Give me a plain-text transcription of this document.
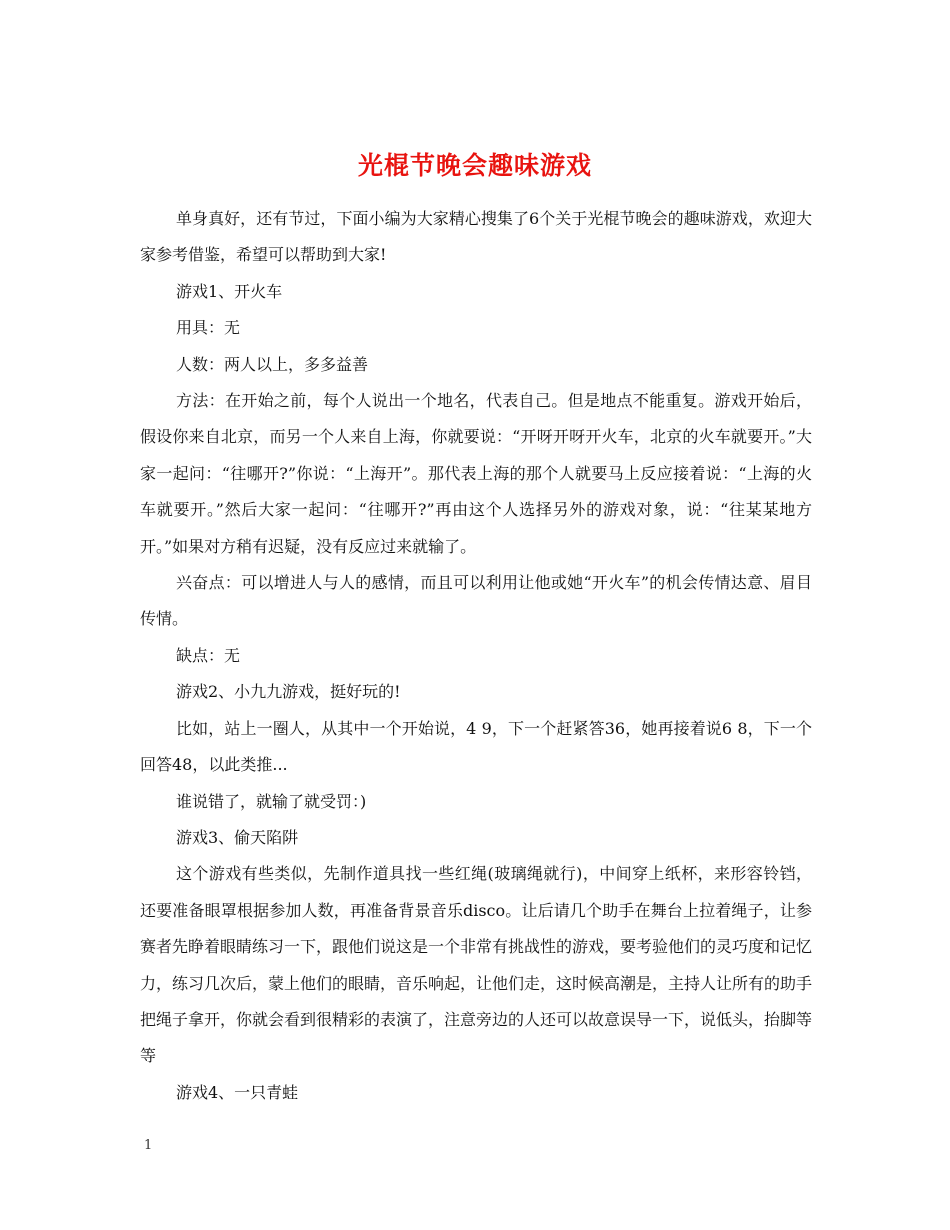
光棍节晚会趣味游戏

单身真好，还有节过，下面小编为大家精心搜集了6个关于光棍节晚会的趣味游戏，欢迎大家参考借鉴，希望可以帮助到大家!

游戏1、开火车

用具：无

人数：两人以上，多多益善

方法：在开始之前，每个人说出一个地名，代表自己。但是地点不能重复。游戏开始后，假设你来自北京，而另一个人来自上海，你就要说：“开呀开呀开火车，北京的火车就要开。”大家一起问：“往哪开?”你说：“上海开”。那代表上海的那个人就要马上反应接着说：“上海的火车就要开。”然后大家一起问：“往哪开?”再由这个人选择另外的游戏对象，说：“往某某地方开。”如果对方稍有迟疑，没有反应过来就输了。

兴奋点：可以增进人与人的感情，而且可以利用让他或她“开火车”的机会传情达意、眉目传情。

缺点：无

游戏2、小九九游戏，挺好玩的!

比如，站上一圈人，从其中一个开始说，4 9，下一个赶紧答36，她再接着说6 8，下一个回答48，以此类推...

谁说错了，就输了就受罚：)

游戏3、偷天陷阱

这个游戏有些类似，先制作道具找一些红绳(玻璃绳就行)，中间穿上纸杯，来形容铃铛，还要准备眼罩根据参加人数，再准备背景音乐disco。让后请几个助手在舞台上拉着绳子，让参赛者先睁着眼睛练习一下，跟他们说这是一个非常有挑战性的游戏，要考验他们的灵巧度和记忆力，练习几次后，蒙上他们的眼睛，音乐响起，让他们走，这时候高潮是，主持人让所有的助手把绳子拿开，你就会看到很精彩的表演了，注意旁边的人还可以故意误导一下，说低头，抬脚等等

游戏4、一只青蛙

1
